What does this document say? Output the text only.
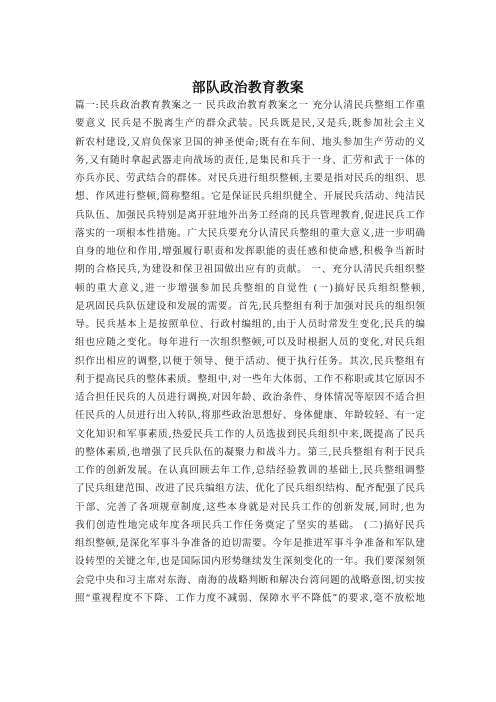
部队政治教育教案
篇一:民兵政治教育教案之一 民兵政治教育教案之一 充分认清民兵整组工作重
要意义 民兵是不脱离生产的群众武装。民兵既是民,又是兵,既参加社会主义
新农村建设,又肩负保家卫国的神圣使命;既有在车间、地头参加生产劳动的义
务,又有随时拿起武器走向战场的责任,是集民和兵于一身、汇劳和武于一体的
亦兵亦民、劳武结合的群体。对民兵进行组织整顿,主要是指对民兵的组织、思
想、作风进行整顿,简称整组。它是保证民兵组织健全、开展民兵活动、纯洁民
兵队伍、加强民兵特别是离开驻地外出务工经商的民兵管理教育,促进民兵工作
落实的一项根本性措施。广大民兵要充分认清民兵整组的重大意义,进一步明确
自身的地位和作用,增强履行职责和发挥职能的责任感和使命感,积极争当新时
期的合格民兵,为建设和保卫祖国做出应有的贡献。 一、充分认清民兵组织整
顿的重大意义,进一步增强参加民兵整组的自觉性 (一)搞好民兵组织整顿,
是巩固民兵队伍建设和发展的需要。首先,民兵整组有利于加强对民兵的组织领
导。民兵基本上是按照单位、行政村编组的,由于人员时常发生变化,民兵的编
组也应随之变化。每年进行一次组织整顿,可以及时根据人员的变化,对民兵组
织作出相应的调整,以便于领导、便于活动、便于执行任务。其次,民兵整组有
利于提高民兵的整体素质。整组中,对一些年大体弱、工作不称职或其它原因不
适合担任民兵的人员进行调换,对因年龄、政治条件、身体情况等原因不适合担
任民兵的人员进行出入转队,将那些政治思想好、身体健康、年龄较轻、有一定
文化知识和军事素质,热爱民兵工作的人员选拔到民兵组织中来,既提高了民兵
的整体素质,也增强了民兵队伍的凝聚力和战斗力。第三,民兵整组有利于民兵
工作的创新发展。在认真回顾去年工作,总结经验教训的基础上,民兵整组调整
了民兵组建范围、改进了民兵编组方法、优化了民兵组织结构、配齐配强了民兵
干部、完善了各项规章制度,这些本身就是对民兵工作的创新发展,同时,也为
我们创造性地完成年度各项民兵工作任务奠定了坚实的基础。 (二)搞好民兵
组织整顿,是深化军事斗争准备的迫切需要。今年是推进军事斗争准备和军队建
设转型的关键之年,也是国际国内形势继续发生深刻变化的一年。我们要深刻领
会党中央和习主席对东海、南海的战略判断和解决台湾问题的战略意图,切实按
照“重视程度不下降、工作力度不减弱、保障水平不降低”的要求,毫不放松地
